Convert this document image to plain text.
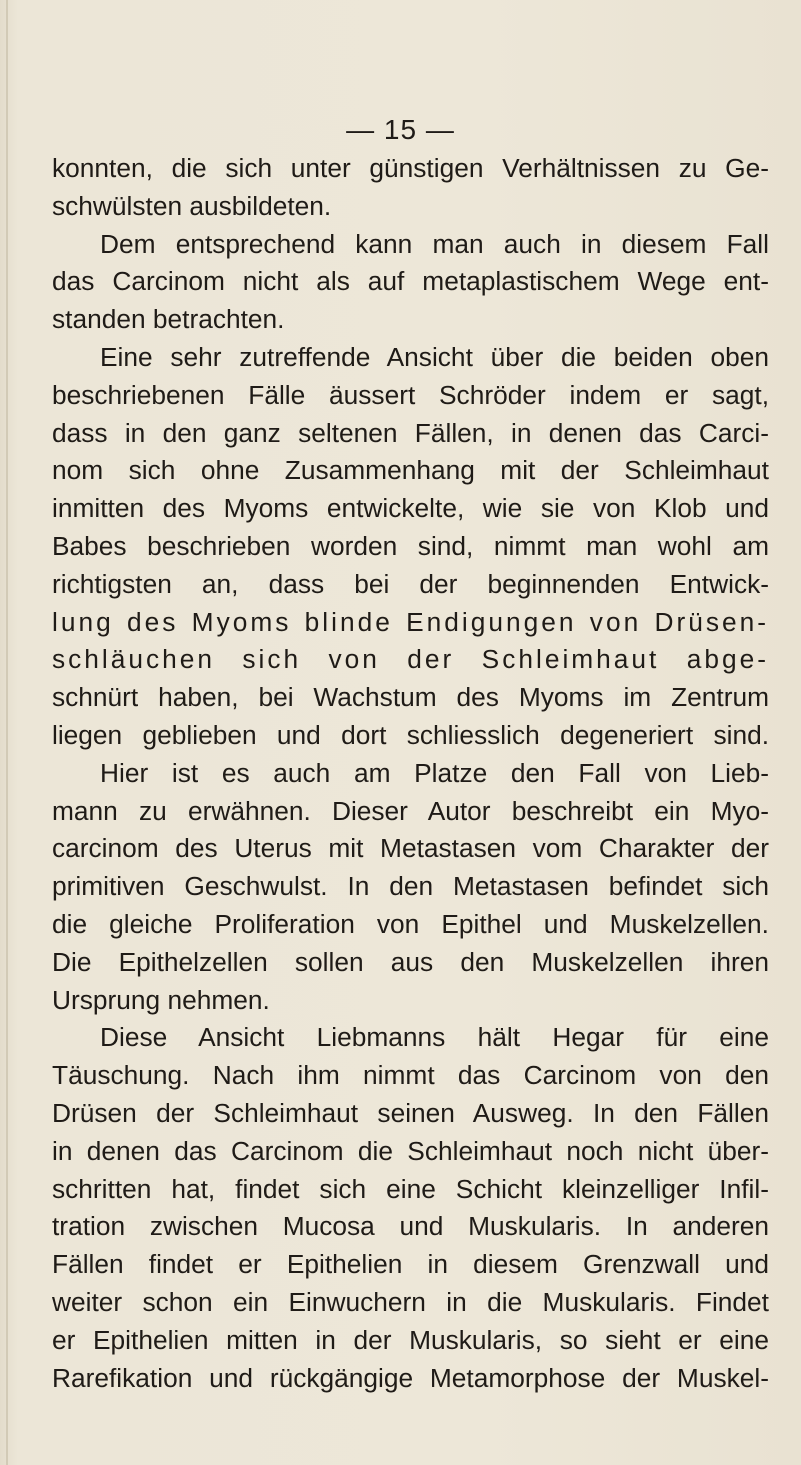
— 15 —
konnten, die sich unter günstigen Verhältnissen zu Ge-
schwülsten ausbildeten.
Dem entsprechend kann man auch in diesem Fall
das Carcinom nicht als auf metaplastischem Wege ent-
standen betrachten.
Eine sehr zutreffende Ansicht über die beiden oben
beschriebenen Fälle äussert Schröder indem er sagt,
dass in den ganz seltenen Fällen, in denen das Carci-
nom sich ohne Zusammenhang mit der Schleimhaut
inmitten des Myoms entwickelte, wie sie von Klob und
Babes beschrieben worden sind, nimmt man wohl am
richtigsten an, dass bei der beginnenden Entwick-
lung des Myoms blinde Endigungen von Drüsen-
schläuchen sich von der Schleimhaut abge-
schnürt haben, bei Wachstum des Myoms im Zentrum
liegen geblieben und dort schliesslich degeneriert sind.
Hier ist es auch am Platze den Fall von Lieb-
mann zu erwähnen. Dieser Autor beschreibt ein Myo-
carcinom des Uterus mit Metastasen vom Charakter der
primitiven Geschwulst. In den Metastasen befindet sich
die gleiche Proliferation von Epithel und Muskelzellen.
Die Epithelzellen sollen aus den Muskelzellen ihren
Ursprung nehmen.
Diese Ansicht Liebmanns hält Hegar für eine
Täuschung. Nach ihm nimmt das Carcinom von den
Drüsen der Schleimhaut seinen Ausweg. In den Fällen
in denen das Carcinom die Schleimhaut noch nicht über-
schritten hat, findet sich eine Schicht kleinzelliger Infil-
tration zwischen Mucosa und Muskularis. In anderen
Fällen findet er Epithelien in diesem Grenzwall und
weiter schon ein Einwuchern in die Muskularis. Findet
er Epithelien mitten in der Muskularis, so sieht er eine
Rarefikation und rückgängige Metamorphose der Muskel-
